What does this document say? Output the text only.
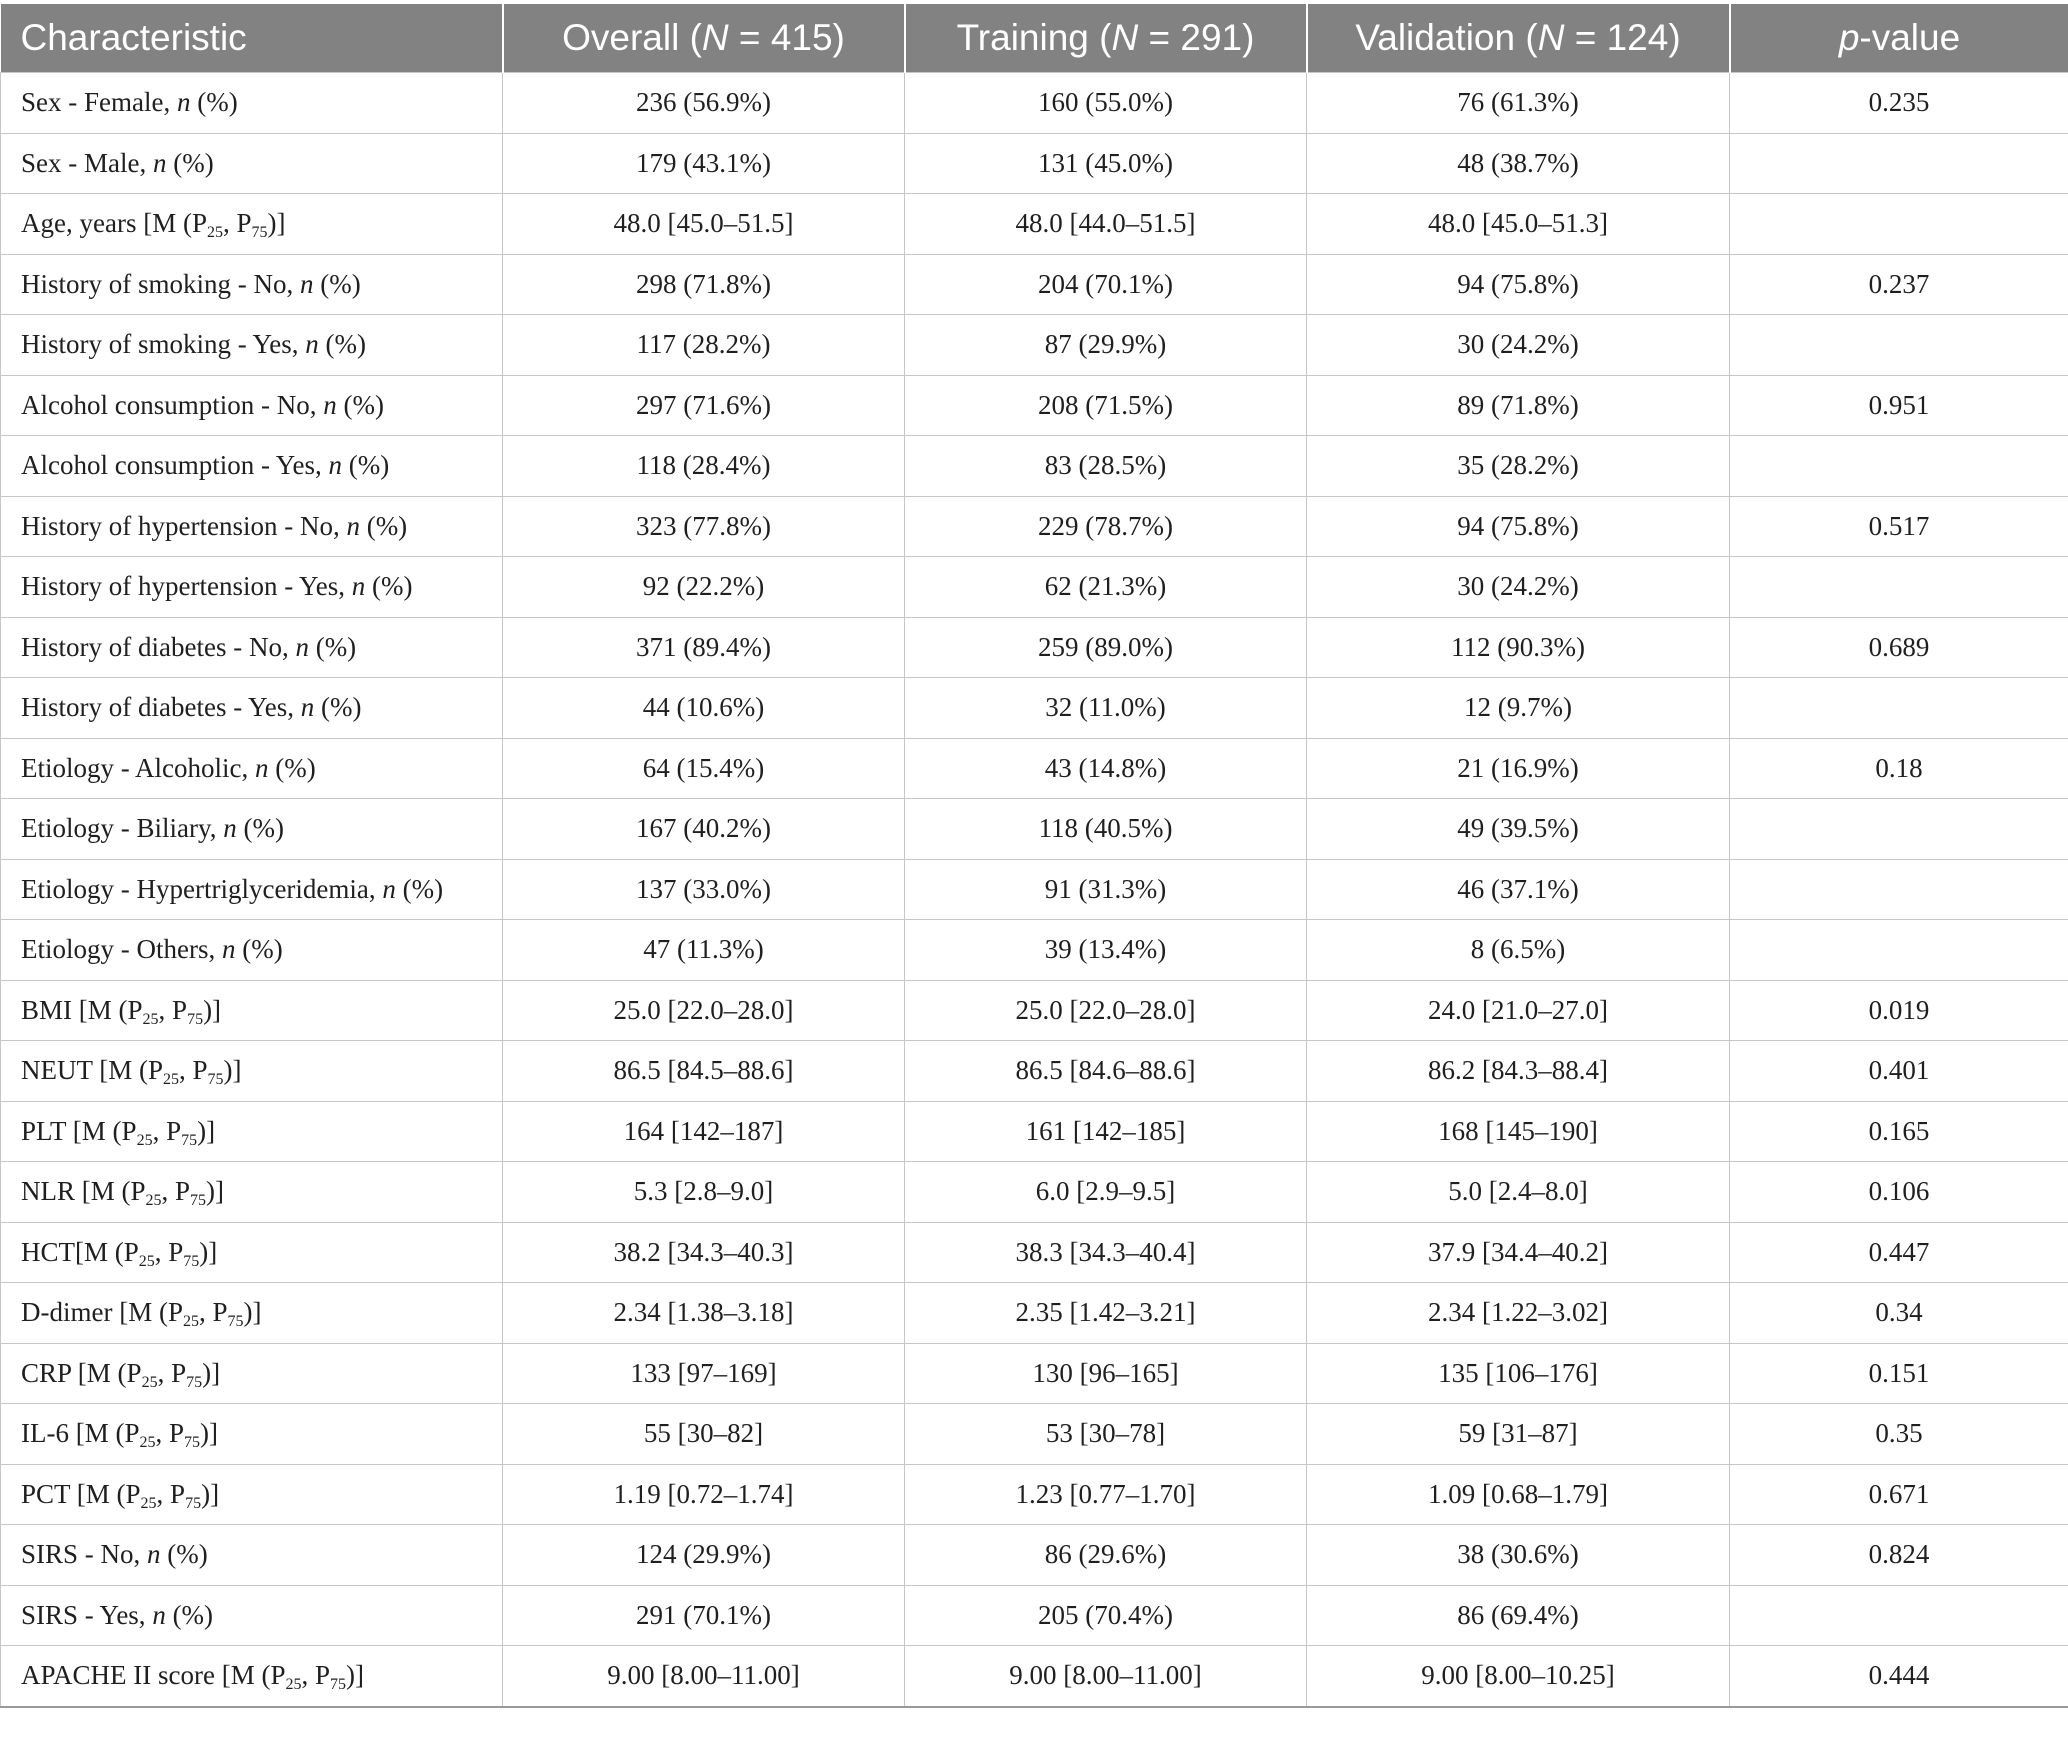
Characteristic	Overall (N = 415)	Training (N = 291)	Validation (N = 124)	p-value
Sex - Female, n (%)	236 (56.9%)	160 (55.0%)	76 (61.3%)	0.235
Sex - Male, n (%)	179 (43.1%)	131 (45.0%)	48 (38.7%)	
Age, years [M ($P_{25}$, $P_{75}$)]	48.0 [45.0–51.5]	48.0 [44.0–51.5]	48.0 [45.0–51.3]	
History of smoking - No, n (%)	298 (71.8%)	204 (70.1%)	94 (75.8%)	0.237
History of smoking - Yes, n (%)	117 (28.2%)	87 (29.9%)	30 (24.2%)	
Alcohol consumption - No, n (%)	297 (71.6%)	208 (71.5%)	89 (71.8%)	0.951
Alcohol consumption - Yes, n (%)	118 (28.4%)	83 (28.5%)	35 (28.2%)	
History of hypertension - No, n (%)	323 (77.8%)	229 (78.7%)	94 (75.8%)	0.517
History of hypertension - Yes, n (%)	92 (22.2%)	62 (21.3%)	30 (24.2%)	
History of diabetes - No, n (%)	371 (89.4%)	259 (89.0%)	112 (90.3%)	0.689
History of diabetes - Yes, n (%)	44 (10.6%)	32 (11.0%)	12 (9.7%)	
Etiology - Alcoholic, n (%)	64 (15.4%)	43 (14.8%)	21 (16.9%)	0.18
Etiology - Biliary, n (%)	167 (40.2%)	118 (40.5%)	49 (39.5%)	
Etiology - Hypertriglyceridemia, n (%)	137 (33.0%)	91 (31.3%)	46 (37.1%)	
Etiology - Others, n (%)	47 (11.3%)	39 (13.4%)	8 (6.5%)	
BMI [M ($P_{25}$, $P_{75}$)]	25.0 [22.0–28.0]	25.0 [22.0–28.0]	24.0 [21.0–27.0]	0.019
NEUT [M ($P_{25}$, $P_{75}$)]	86.5 [84.5–88.6]	86.5 [84.6–88.6]	86.2 [84.3–88.4]	0.401
PLT [M ($P_{25}$, $P_{75}$)]	164 [142–187]	161 [142–185]	168 [145–190]	0.165
NLR [M ($P_{25}$, $P_{75}$)]	5.3 [2.8–9.0]	6.0 [2.9–9.5]	5.0 [2.4–8.0]	0.106
HCT[M ($P_{25}$, $P_{75}$)]	38.2 [34.3–40.3]	38.3 [34.3–40.4]	37.9 [34.4–40.2]	0.447
D-dimer [M ($P_{25}$, $P_{75}$)]	2.34 [1.38–3.18]	2.35 [1.42–3.21]	2.34 [1.22–3.02]	0.34
CRP [M ($P_{25}$, $P_{75}$)]	133 [97–169]	130 [96–165]	135 [106–176]	0.151
IL-6 [M ($P_{25}$, $P_{75}$)]	55 [30–82]	53 [30–78]	59 [31–87]	0.35
PCT [M ($P_{25}$, $P_{75}$)]	1.19 [0.72–1.74]	1.23 [0.77–1.70]	1.09 [0.68–1.79]	0.671
SIRS - No, n (%)	124 (29.9%)	86 (29.6%)	38 (30.6%)	0.824
SIRS - Yes, n (%)	291 (70.1%)	205 (70.4%)	86 (69.4%)	
APACHE II score [M ($P_{25}$, $P_{75}$)]	9.00 [8.00–11.00]	9.00 [8.00–11.00]	9.00 [8.00–10.25]	0.444
